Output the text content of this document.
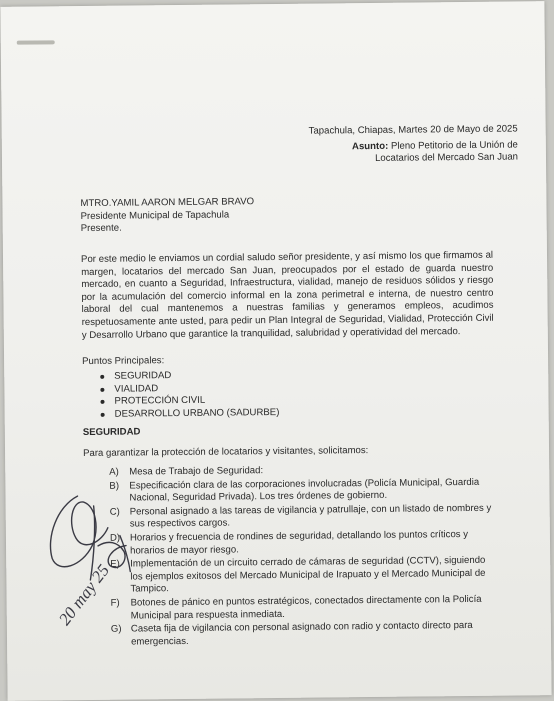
Tapachula, Chiapas, Martes 20 de Mayo de 2025
Asunto: Pleno Petitorio de la Unión de
Locatarios del Mercado San Juan
MTRO.YAMIL AARON MELGAR BRAVO
Presidente Municipal de Tapachula
Presente.
Por este medio le enviamos un cordial saludo señor presidente, y así mismo los que firmamos al margen, locatarios del mercado San Juan, preocupados por el estado de guarda nuestro mercado, en cuanto a Seguridad, Infraestructura, vialidad, manejo de residuos sólidos y riesgo por la acumulación del comercio informal en la zona perimetral e interna, de nuestro centro laboral del cual mantenemos a nuestras familias y generamos empleos, acudimos respetuosamente ante usted, para pedir un Plan Integral de Seguridad, Vialidad, Protección Civil y Desarrollo Urbano que garantice la tranquilidad, salubridad y operatividad del mercado.
Puntos Principales:
SEGURIDAD
VIALIDAD
PROTECCIÓN CIVIL
DESARROLLO URBANO (SADURBE)
SEGURIDAD
Para garantizar la protección de locatarios y visitantes, solicitamos:
A) Mesa de Trabajo de Seguridad:
B) Especificación clara de las corporaciones involucradas (Policía Municipal, Guardia Nacional, Seguridad Privada). Los tres órdenes de gobierno.
C) Personal asignado a las tareas de vigilancia y patrullaje, con un listado de nombres y sus respectivos cargos.
D) Horarios y frecuencia de rondines de seguridad, detallando los puntos críticos y horarios de mayor riesgo.
E) Implementación de un circuito cerrado de cámaras de seguridad (CCTV), siguiendo los ejemplos exitosos del Mercado Municipal de Irapuato y el Mercado Municipal de Tampico.
F) Botones de pánico en puntos estratégicos, conectados directamente con la Policía Municipal para respuesta inmediata.
G) Caseta fija de vigilancia con personal asignado con radio y contacto directo para emergencias.
20 may 25
